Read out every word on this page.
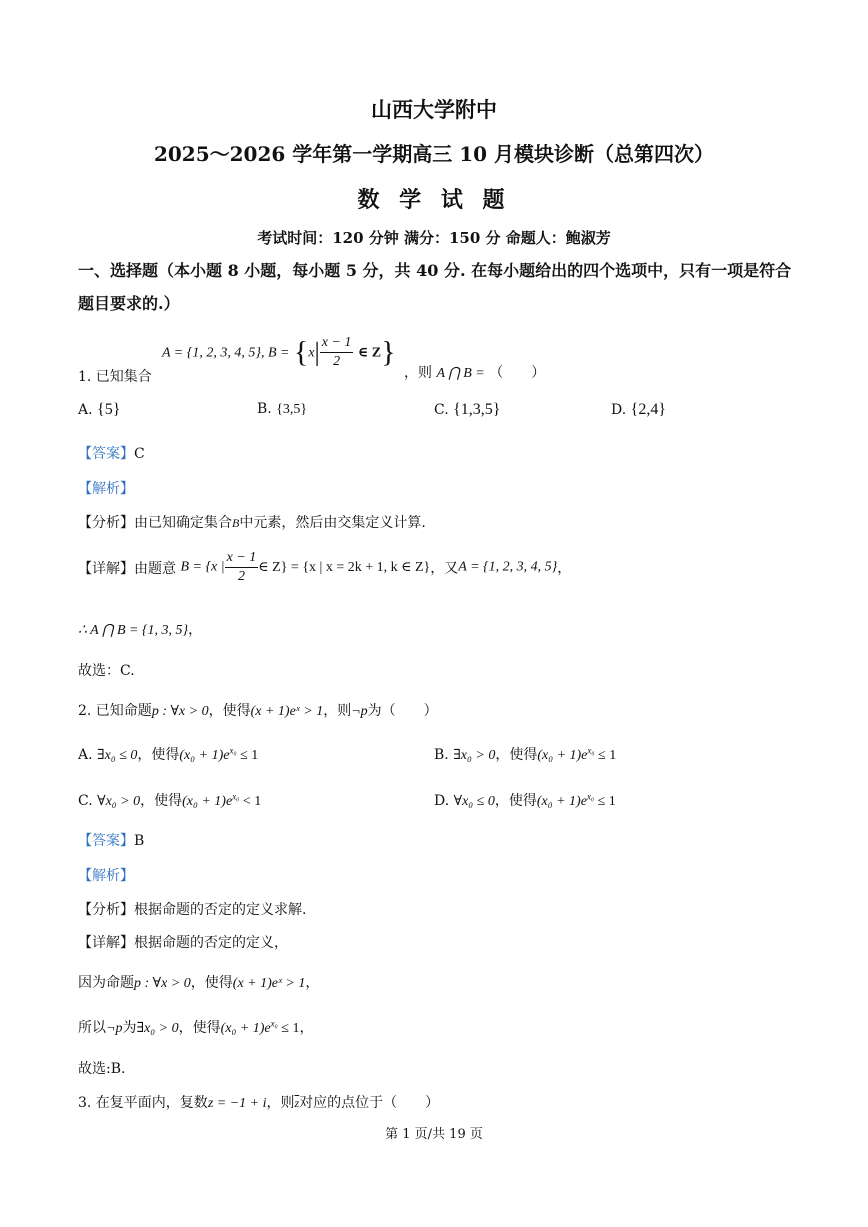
山西大学附中
2025～2026 学年第一学期高三 10 月模块诊断（总第四次）
数 学 试 题
考试时间：120 分钟 满分：150 分 命题人：鲍淑芳
一、选择题（本小题 8 小题，每小题 5 分，共 40 分. 在每小题给出的四个选项中，只有一项是符合题目要求的.）
A = {1, 2, 3, 4, 5}, $B = \{x| \frac{x - 1}{2}$ ∈ Z}
1. 已知集合	，则 A ⋂ B = （　　）
A. {5}	B. {3,5}	C. {1,3,5}	D. {2,4}
【答案】C
【解析】
【分析】由已知确定集合B中元素，然后由交集定义计算.
【详解】由题意 B = {x | $\frac{x - 1}{2}$ ∈ Z} = {x | x = 2k + 1, k ∈ Z}，又A = {1, 2, 3, 4, 5}，
∴ A ⋂ B = {1, 3, 5}，
故选：C.
2. 已知命题p : ∀x > 0，使得(x + 1)eˣ > 1，则¬p为（　　）
A. ∃x₀ ≤ 0，使得$(x_0 + 1)e^{x_0} \le 1$	B. ∃x₀ > 0，使得$(x_0 + 1)e^{x_0} \le 1$
C. ∀x₀ > 0，使得$(x_0 + 1)e^{x_0} < 1$	D. ∀x₀ ≤ 0，使得$(x_0 + 1)e^{x_0} \le 1$
【答案】B
【解析】
【分析】根据命题的否定的定义求解.
【详解】根据命题的否定的定义，
因为命题p : ∀x > 0，使得(x + 1)eˣ > 1，
所以¬p为∃x₀ > 0，使得$(x_0 + 1)e^{x_0} \le 1$，
故选:B.
3. 在复平面内，复数z = −1 + i，则$\overline{z}$对应的点位于（　　）
第 1 页/共 19 页
